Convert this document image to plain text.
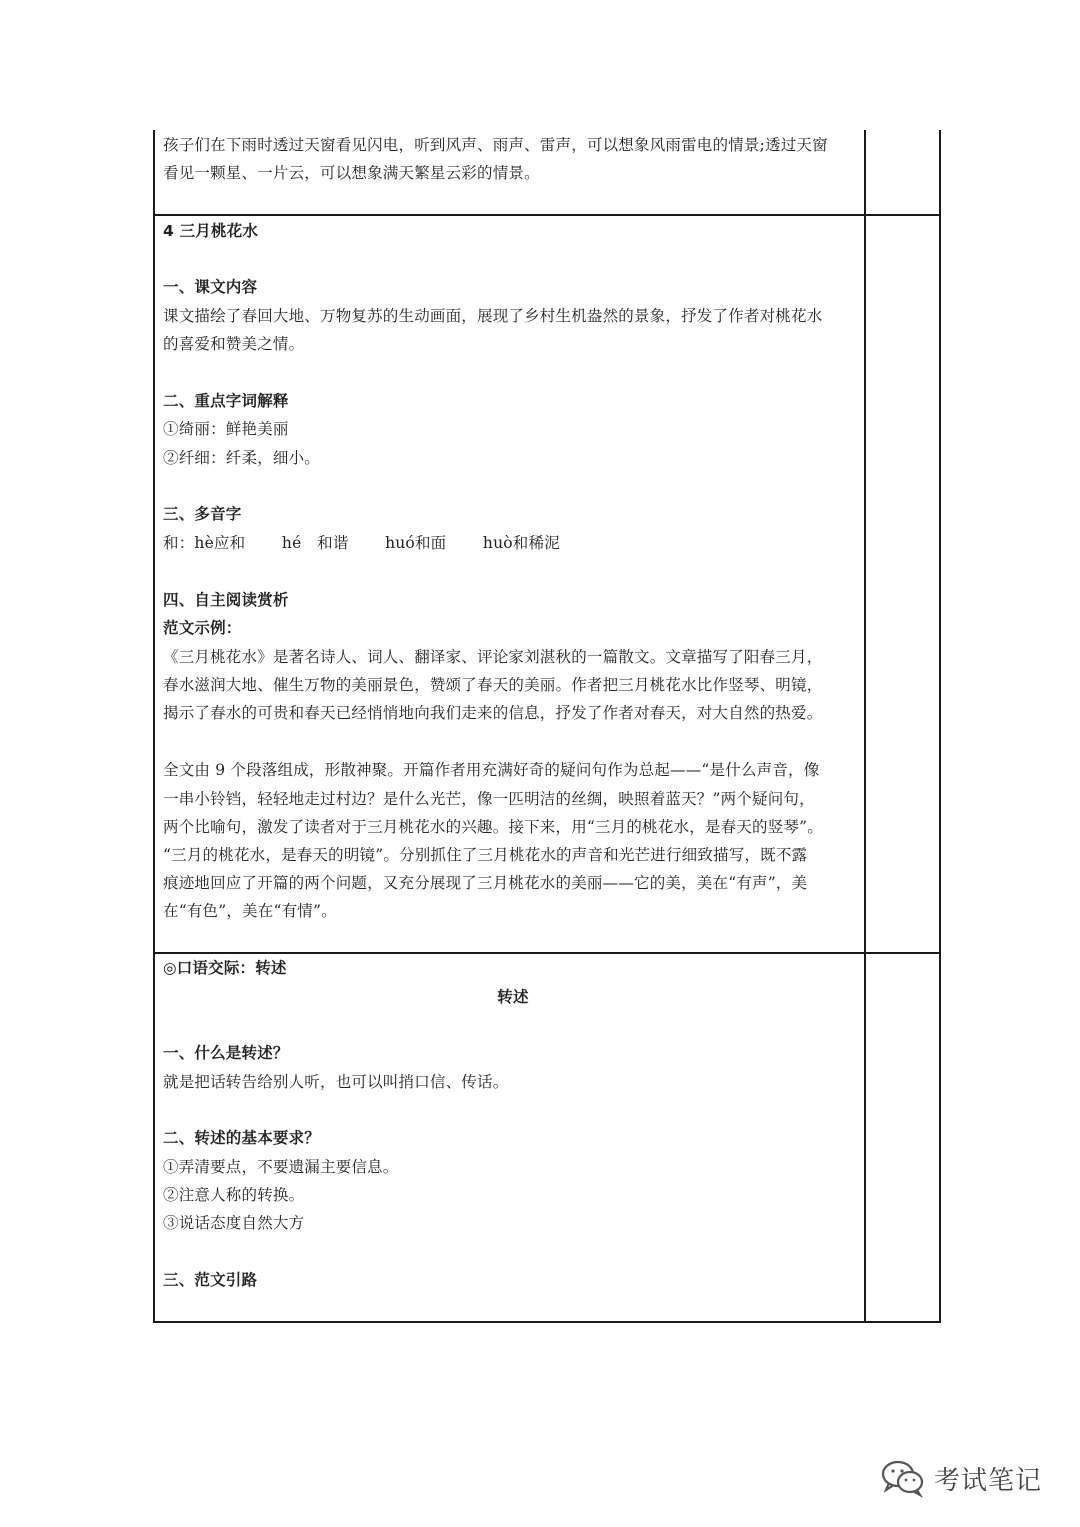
孩子们在下雨时透过天窗看见闪电，听到风声、雨声、雷声，可以想象风雨雷电的情景;透过天窗
看见一颗星、一片云，可以想象满天繁星云彩的情景。
4 三月桃花水
一、课文内容
课文描绘了春回大地、万物复苏的生动画面，展现了乡村生机盎然的景象，抒发了作者对桃花水
的喜爱和赞美之情。
二、重点字词解释
①绮丽：鲜艳美丽
②纤细：纤柔，细小。
三、多音字
和：hè应和　　 hé　和谐　　 huó和面　　 huò和稀泥
四、自主阅读赏析
范文示例：
《三月桃花水》是著名诗人、词人、翻译家、评论家刘湛秋的一篇散文。文章描写了阳春三月，
春水滋润大地、催生万物的美丽景色，赞颂了春天的美丽。作者把三月桃花水比作竖琴、明镜，
揭示了春水的可贵和春天已经悄悄地向我们走来的信息，抒发了作者对春天，对大自然的热爱。
全文由 9 个段落组成，形散神聚。开篇作者用充满好奇的疑问句作为总起——“是什么声音，像
一串小铃铛，轻轻地走过村边？是什么光芒，像一匹明洁的丝绸，映照着蓝天？”两个疑问句，
两个比喻句，激发了读者对于三月桃花水的兴趣。接下来，用“三月的桃花水，是春天的竖琴”。
“三月的桃花水，是春天的明镜”。分别抓住了三月桃花水的声音和光芒进行细致描写，既不露
痕迹地回应了开篇的两个问题，又充分展现了三月桃花水的美丽——它的美，美在“有声”，美
在“有色”，美在“有情”。
◎口语交际：转述
转述
一、什么是转述？
就是把话转告给别人听，也可以叫捎口信、传话。
二、转述的基本要求？
①弄清要点，不要遗漏主要信息。
②注意人称的转换。
③说话态度自然大方
三、范文引路
考试笔记
